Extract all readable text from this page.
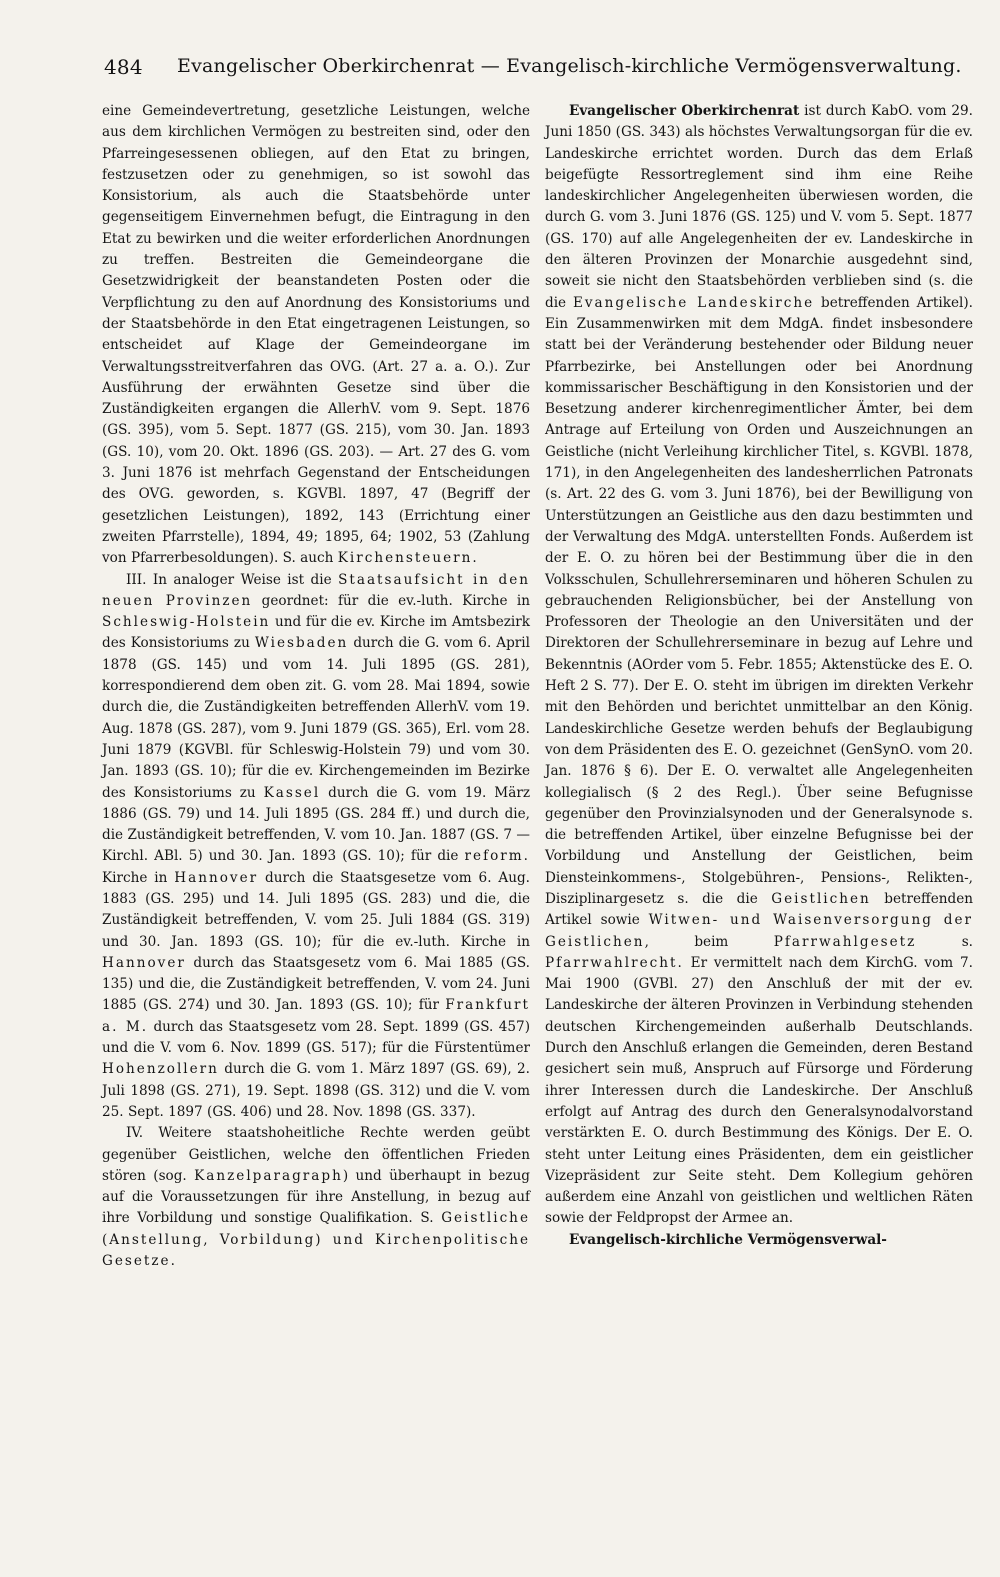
484 Evangelischer Oberkirchenrat — Evangelisch-kirchliche Vermögensverwaltung.

eine Gemeindevertretung, gesetzliche Leistungen, welche aus dem kirchlichen Vermögen zu bestreiten sind, oder den Pfarreingesessenen obliegen, auf den Etat zu bringen, festzusetzen oder zu genehmigen, so ist sowohl das Konsistorium, als auch die Staatsbehörde unter gegenseitigem Einvernehmen befugt, die Eintragung in den Etat zu bewirken und die weiter erforderlichen Anordnungen zu treffen. Bestreiten die Gemeindeorgane die Gesetzwidrigkeit der beanstandeten Posten oder die Verpflichtung zu den auf Anordnung des Konsistoriums und der Staatsbehörde in den Etat eingetragenen Leistungen, so entscheidet auf Klage der Gemeindeorgane im Verwaltungsstreitverfahren das OVG. (Art. 27 a. a. O.). Zur Ausführung der erwähnten Gesetze sind über die Zuständigkeiten ergangen die AllerhV. vom 9. Sept. 1876 (GS. 395), vom 5. Sept. 1877 (GS. 215), vom 30. Jan. 1893 (GS. 10), vom 20. Okt. 1896 (GS. 203). — Art. 27 des G. vom 3. Juni 1876 ist mehrfach Gegenstand der Entscheidungen des OVG. geworden, s. KGVBl. 1897, 47 (Begriff der gesetzlichen Leistungen), 1892, 143 (Errichtung einer zweiten Pfarrstelle), 1894, 49; 1895, 64; 1902, 53 (Zahlung von Pfarrerbesoldungen). S. auch Kirchensteuern.

III. In analoger Weise ist die Staatsaufsicht in den neuen Provinzen geordnet: für die ev.-luth. Kirche in Schleswig-Holstein und für die ev. Kirche im Amtsbezirk des Konsistoriums zu Wiesbaden durch die G. vom 6. April 1878 (GS. 145) und vom 14. Juli 1895 (GS. 281), korrespondierend dem oben zit. G. vom 28. Mai 1894, sowie durch die, die Zuständigkeiten betreffenden AllerhV. vom 19. Aug. 1878 (GS. 287), vom 9. Juni 1879 (GS. 365), Erl. vom 28. Juni 1879 (KGVBl. für Schleswig-Holstein 79) und vom 30. Jan. 1893 (GS. 10); für die ev. Kirchengemeinden im Bezirke des Konsistoriums zu Kassel durch die G. vom 19. März 1886 (GS. 79) und 14. Juli 1895 (GS. 284 ff.) und durch die, die Zuständigkeit betreffenden, V. vom 10. Jan. 1887 (GS. 7 — Kirchl. ABl. 5) und 30. Jan. 1893 (GS. 10); für die reform. Kirche in Hannover durch die Staatsgesetze vom 6. Aug. 1883 (GS. 295) und 14. Juli 1895 (GS. 283) und die, die Zuständigkeit betreffenden, V. vom 25. Juli 1884 (GS. 319) und 30. Jan. 1893 (GS. 10); für die ev.-luth. Kirche in Hannover durch das Staatsgesetz vom 6. Mai 1885 (GS. 135) und die, die Zuständigkeit betreffenden, V. vom 24. Juni 1885 (GS. 274) und 30. Jan. 1893 (GS. 10); für Frankfurt a. M. durch das Staatsgesetz vom 28. Sept. 1899 (GS. 457) und die V. vom 6. Nov. 1899 (GS. 517); für die Fürstentümer Hohenzollern durch die G. vom 1. März 1897 (GS. 69), 2. Juli 1898 (GS. 271), 19. Sept. 1898 (GS. 312) und die V. vom 25. Sept. 1897 (GS. 406) und 28. Nov. 1898 (GS. 337).

IV. Weitere staatshoheitliche Rechte werden geübt gegenüber Geistlichen, welche den öffentlichen Frieden stören (sog. Kanzelparagraph) und überhaupt in bezug auf die Voraussetzungen für ihre Anstellung, in bezug auf ihre Vorbildung und sonstige Qualifikation. S. Geistliche (Anstellung, Vorbildung) und Kirchenpolitische Gesetze.

Evangelischer Oberkirchenrat ist durch KabO. vom 29. Juni 1850 (GS. 343) als höchstes Verwaltungsorgan für die ev. Landeskirche errichtet worden. Durch das dem Erlaß beigefügte Ressortreglement sind ihm eine Reihe landeskirchlicher Angelegenheiten überwiesen worden, die durch G. vom 3. Juni 1876 (GS. 125) und V. vom 5. Sept. 1877 (GS. 170) auf alle Angelegenheiten der ev. Landeskirche in den älteren Provinzen der Monarchie ausgedehnt sind, soweit sie nicht den Staatsbehörden verblieben sind (s. die die Evangelische Landeskirche betreffenden Artikel). Ein Zusammenwirken mit dem MdgA. findet insbesondere statt bei der Veränderung bestehender oder Bildung neuer Pfarrbezirke, bei Anstellungen oder bei Anordnung kommissarischer Beschäftigung in den Konsistorien und der Besetzung anderer kirchenregimentlicher Ämter, bei dem Antrage auf Erteilung von Orden und Auszeichnungen an Geistliche (nicht Verleihung kirchlicher Titel, s. KGVBl. 1878, 171), in den Angelegenheiten des landesherrlichen Patronats (s. Art. 22 des G. vom 3. Juni 1876), bei der Bewilligung von Unterstützungen an Geistliche aus den dazu bestimmten und der Verwaltung des MdgA. unterstellten Fonds. Außerdem ist der E. O. zu hören bei der Bestimmung über die in den Volksschulen, Schullehrerseminaren und höheren Schulen zu gebrauchenden Religionsbücher, bei der Anstellung von Professoren der Theologie an den Universitäten und der Direktoren der Schullehrerseminare in bezug auf Lehre und Bekenntnis (AOrder vom 5. Febr. 1855; Aktenstücke des E. O. Heft 2 S. 77). Der E. O. steht im übrigen im direkten Verkehr mit den Behörden und berichtet unmittelbar an den König. Landeskirchliche Gesetze werden behufs der Beglaubigung von dem Präsidenten des E. O. gezeichnet (GenSynO. vom 20. Jan. 1876 § 6). Der E. O. verwaltet alle Angelegenheiten kollegialisch (§ 2 des Regl.). Über seine Befugnisse gegenüber den Provinzialsynoden und der Generalsynode s. die betreffenden Artikel, über einzelne Befugnisse bei der Vorbildung und Anstellung der Geistlichen, beim Diensteinkommens-, Stolgebühren-, Pensions-, Relikten-, Disziplinargesetz s. die die Geistlichen betreffenden Artikel sowie Witwen- und Waisenversorgung der Geistlichen, beim Pfarrwahlgesetz s. Pfarrwahlrecht. Er vermittelt nach dem KirchG. vom 7. Mai 1900 (GVBl. 27) den Anschluß der mit der ev. Landeskirche der älteren Provinzen in Verbindung stehenden deutschen Kirchengemeinden außerhalb Deutschlands. Durch den Anschluß erlangen die Gemeinden, deren Bestand gesichert sein muß, Anspruch auf Fürsorge und Förderung ihrer Interessen durch die Landeskirche. Der Anschluß erfolgt auf Antrag des durch den Generalsynodalvorstand verstärkten E. O. durch Bestimmung des Königs. Der E. O. steht unter Leitung eines Präsidenten, dem ein geistlicher Vizepräsident zur Seite steht. Dem Kollegium gehören außerdem eine Anzahl von geistlichen und weltlichen Räten sowie der Feldpropst der Armee an.

Evangelisch-kirchliche Vermögensverwal-
